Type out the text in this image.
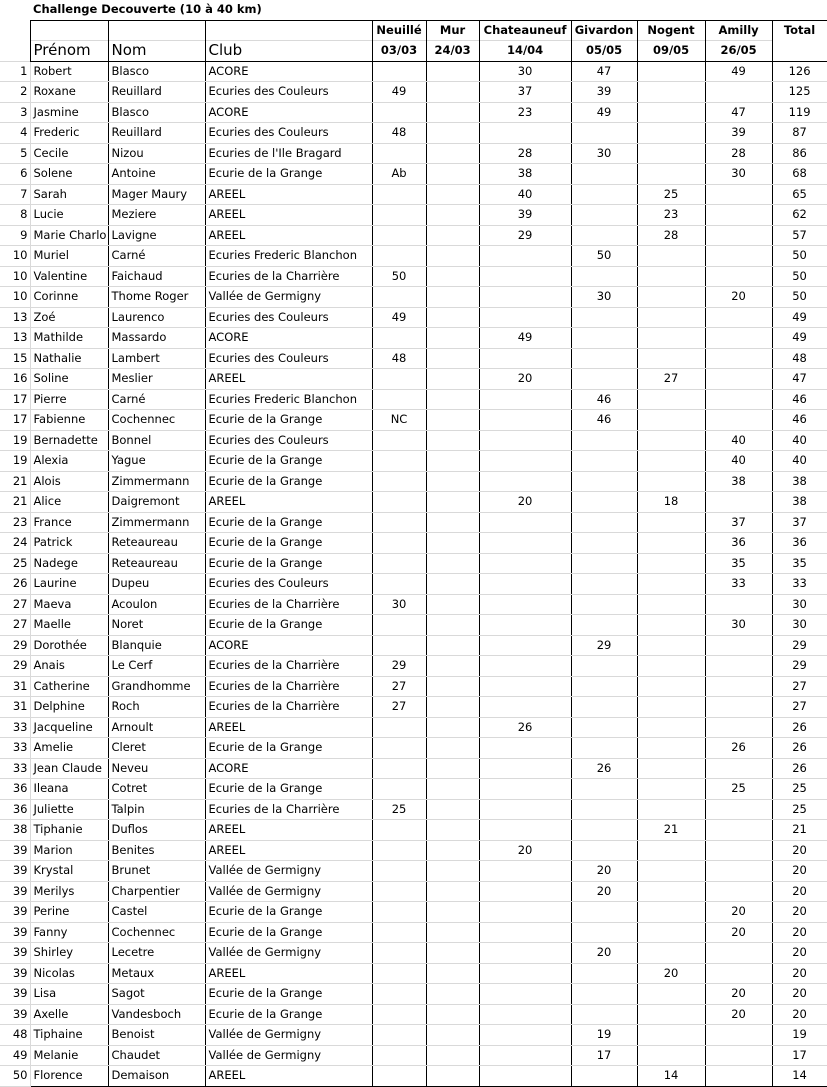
	Challenge Decouverte (10 à 40 km)									
				Neuillé	Mur	Chateauneuf	Givardon	Nogent	Amilly	Total
	Prénom	Nom	Club	03/03	24/03	14/04	05/05	09/05	26/05	
1	Robert	Blasco	ACORE			30	47		49	126
2	Roxane	Reuillard	Ecuries des Couleurs	49		37	39			125
3	Jasmine	Blasco	ACORE			23	49		47	119
4	Frederic	Reuillard	Ecuries des Couleurs	48					39	87
5	Cecile	Nizou	Ecuries de l'Ile Bragard			28	30		28	86
6	Solene	Antoine	Ecurie de la Grange	Ab		38			30	68
7	Sarah	Mager Maury	AREEL			40		25		65
8	Lucie	Meziere	AREEL			39		23		62
9	Marie Charlo	Lavigne	AREEL			29		28		57
10	Muriel	Carné	Ecuries Frederic Blanchon				50			50
10	Valentine	Faichaud	Ecuries de la Charrière	50						50
10	Corinne	Thome Roger	Vallée de Germigny				30		20	50
13	Zoé	Laurenco	Ecuries des Couleurs	49						49
13	Mathilde	Massardo	ACORE			49				49
15	Nathalie	Lambert	Ecuries des Couleurs	48						48
16	Soline	Meslier	AREEL			20		27		47
17	Pierre	Carné	Ecuries Frederic Blanchon				46			46
17	Fabienne	Cochennec	Ecurie de la Grange	NC			46			46
19	Bernadette	Bonnel	Ecuries des Couleurs						40	40
19	Alexia	Yague	Ecurie de la Grange						40	40
21	Alois	Zimmermann	Ecurie de la Grange						38	38
21	Alice	Daigremont	AREEL			20		18		38
23	France	Zimmermann	Ecurie de la Grange						37	37
24	Patrick	Reteaureau	Ecurie de la Grange						36	36
25	Nadege	Reteaureau	Ecurie de la Grange						35	35
26	Laurine	Dupeu	Ecuries des Couleurs						33	33
27	Maeva	Acoulon	Ecuries de la Charrière	30						30
27	Maelle	Noret	Ecurie de la Grange						30	30
29	Dorothée	Blanquie	ACORE				29			29
29	Anais	Le Cerf	Ecuries de la Charrière	29						29
31	Catherine	Grandhomme	Ecuries de la Charrière	27						27
31	Delphine	Roch	Ecuries de la Charrière	27						27
33	Jacqueline	Arnoult	AREEL			26				26
33	Amelie	Cleret	Ecurie de la Grange						26	26
33	Jean Claude	Neveu	ACORE				26			26
36	Ileana	Cotret	Ecurie de la Grange						25	25
36	Juliette	Talpin	Ecuries de la Charrière	25						25
38	Tiphanie	Duflos	AREEL					21		21
39	Marion	Benites	AREEL			20				20
39	Krystal	Brunet	Vallée de Germigny				20			20
39	Merilys	Charpentier	Vallée de Germigny				20			20
39	Perine	Castel	Ecurie de la Grange						20	20
39	Fanny	Cochennec	Ecurie de la Grange						20	20
39	Shirley	Lecetre	Vallée de Germigny				20			20
39	Nicolas	Metaux	AREEL					20		20
39	Lisa	Sagot	Ecurie de la Grange						20	20
39	Axelle	Vandesboch	Ecurie de la Grange						20	20
48	Tiphaine	Benoist	Vallée de Germigny				19			19
49	Melanie	Chaudet	Vallée de Germigny				17			17
50	Florence	Demaison	AREEL					14		14
